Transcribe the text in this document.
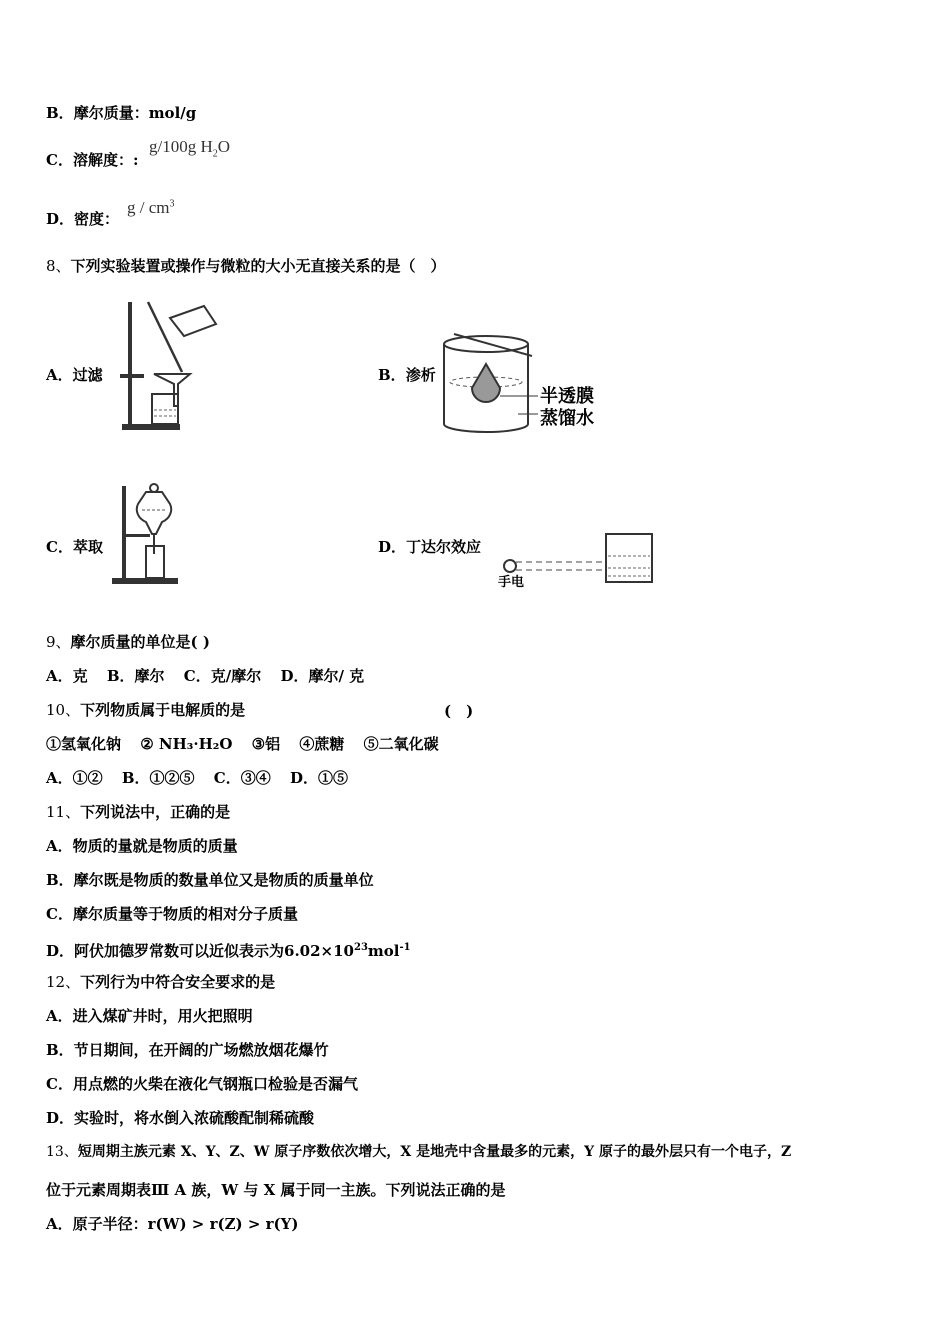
B．摩尔质量：mol/g
C．溶解度：:
g/100g $H_2O$
D．密度：
g / $cm^3$
8、下列实验装置或操作与微粒的大小无直接关系的是（　）
A．过滤	B．渗析
半透膜
蒸馏水
C．萃取	D．丁达尔效应
手电
9、摩尔质量的单位是( )
A．克 B．摩尔 C．克/摩尔 D．摩尔/ 克
10、下列物质属于电解质的是	(　)
①氢氧化钠 ② NH₃·H₂O ③铝 ④蔗糖 ⑤二氧化碳
A．①② B．①②⑤ C．③④ D．①⑤
11、下列说法中，正确的是
A．物质的量就是物质的质量
B．摩尔既是物质的数量单位又是物质的质量单位
C．摩尔质量等于物质的相对分子质量
D．阿伏加德罗常数可以近似表示为$6.02\times 10^{23}mol^{-1}$
12、下列行为中符合安全要求的是
A．进入煤矿井时，用火把照明
B．节日期间，在开阔的广场燃放烟花爆竹
C．用点燃的火柴在液化气钢瓶口检验是否漏气
D．实验时，将水倒入浓硫酸配制稀硫酸
13、短周期主族元素 X、Y、Z、W 原子序数依次增大，X 是地壳中含量最多的元素，Y 原子的最外层只有一个电子，Z
位于元素周期表Ⅲ A 族，W 与 X 属于同一主族。下列说法正确的是
A．原子半径：r(W) > r(Z) > r(Y)
